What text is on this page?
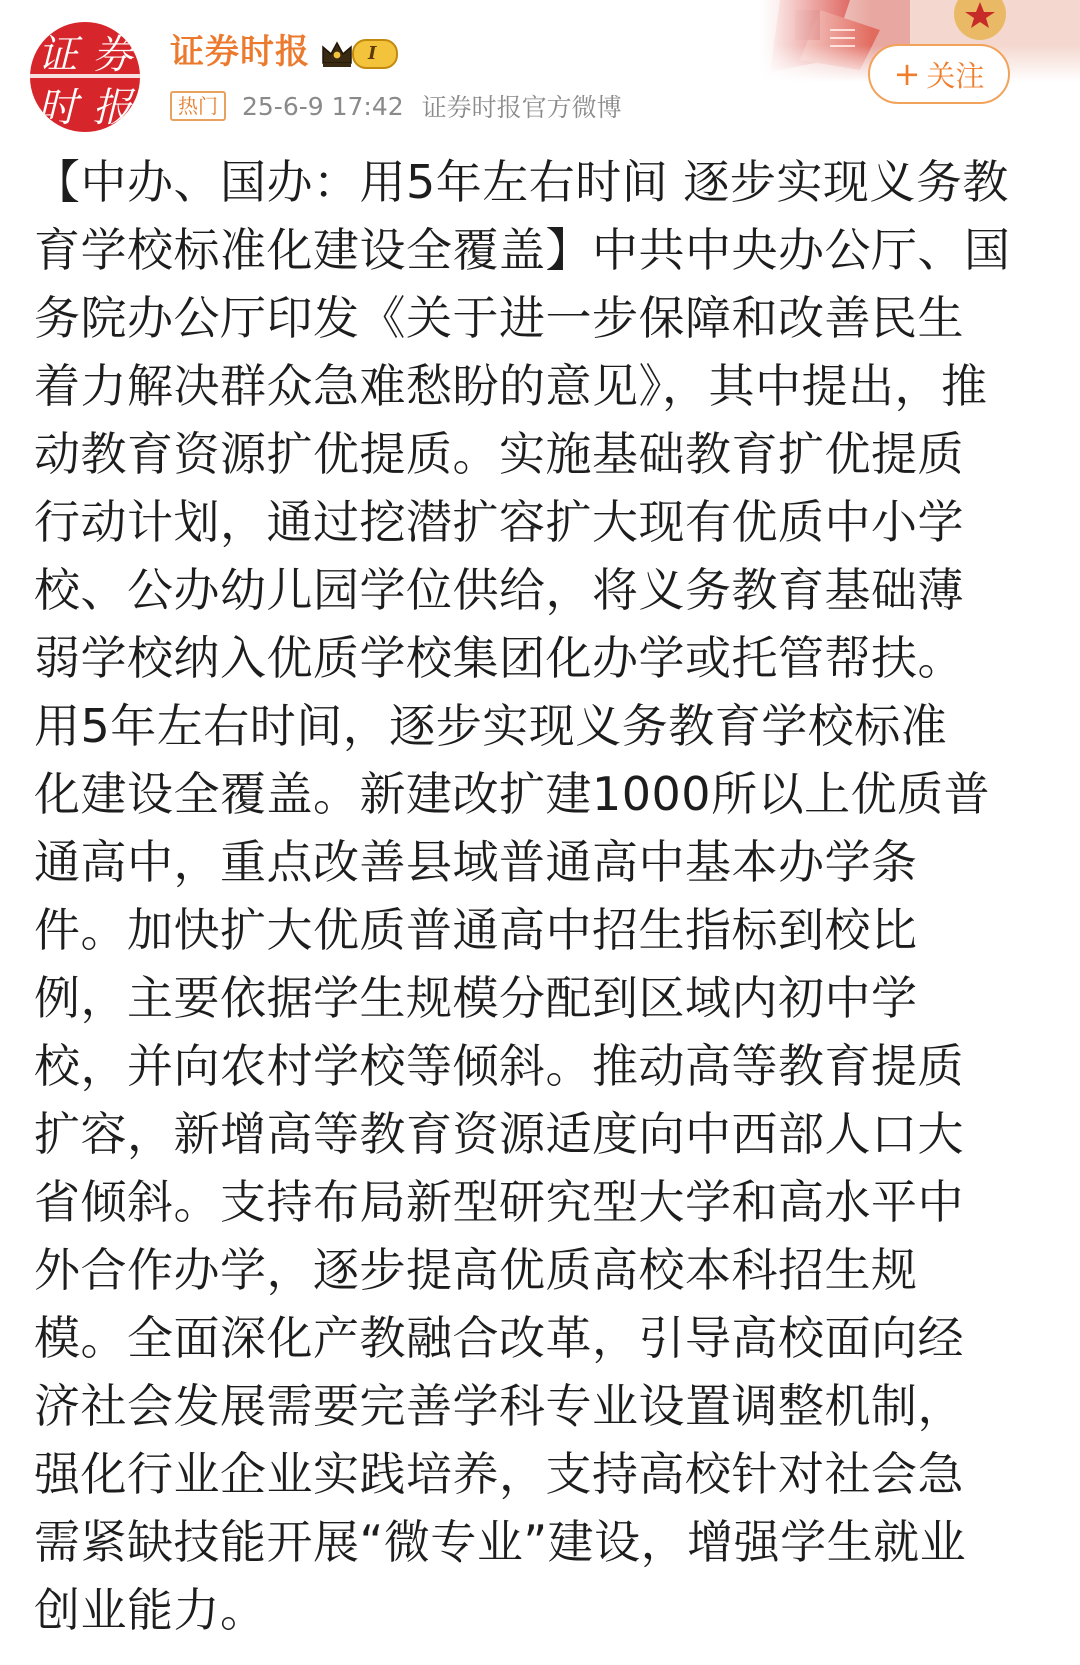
证 券
时 报
证券时报	I
热门 25-6-9 17:42 证券时报官方微博
+ 关注
【中办、国办：用5年左右时间 逐步实现义务教
育学校标准化建设全覆盖】中共中央办公厅、国
务院办公厅印发《关于进一步保障和改善民生
着力解决群众急难愁盼的意见》，其中提出，推
动教育资源扩优提质。实施基础教育扩优提质
行动计划，通过挖潜扩容扩大现有优质中小学
校、公办幼儿园学位供给，将义务教育基础薄
弱学校纳入优质学校集团化办学或托管帮扶。
用5年左右时间，逐步实现义务教育学校标准
化建设全覆盖。新建改扩建1000所以上优质普
通高中，重点改善县域普通高中基本办学条
件。加快扩大优质普通高中招生指标到校比
例，主要依据学生规模分配到区域内初中学
校，并向农村学校等倾斜。推动高等教育提质
扩容，新增高等教育资源适度向中西部人口大
省倾斜。支持布局新型研究型大学和高水平中
外合作办学，逐步提高优质高校本科招生规
模。全面深化产教融合改革，引导高校面向经
济社会发展需要完善学科专业设置调整机制，
强化行业企业实践培养，支持高校针对社会急
需紧缺技能开展“微专业”建设，增强学生就业
创业能力。
